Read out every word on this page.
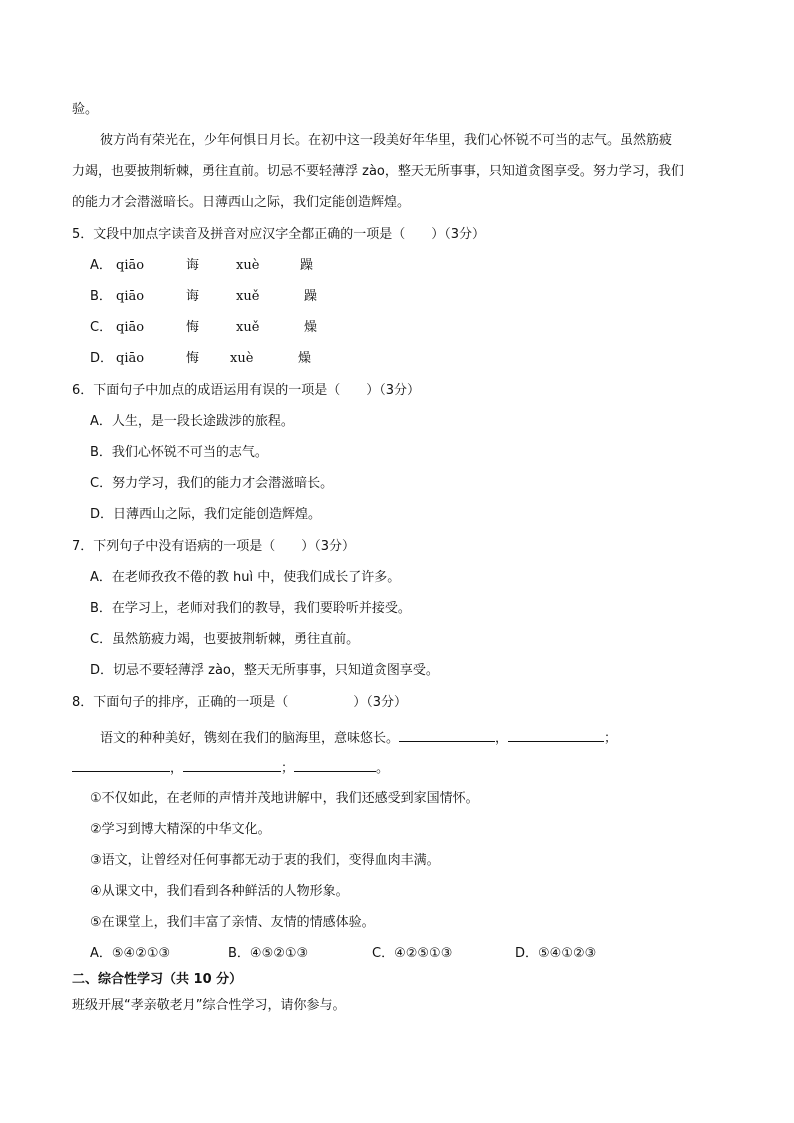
验。
彼方尚有荣光在，少年何惧日月长。在初中这一段美好年华里，我们心怀锐不可当的志气。虽然筋疲
力竭，也要披荆斩棘，勇往直前。切忌不要轻薄浮 zào，整天无所事事，只知道贪图享受。努力学习，我们
的能力才会潜滋暗长。日薄西山之际，我们定能创造辉煌。
5．文段中加点字读音及拼音对应汉字全都正确的一项是（　　）（3分）
A． qiāo	诲	xuè	躁
B． qiāo	诲	xuě	躁
C． qiāo	悔	xuě	燥
D． qiāo	悔 xuè	燥
6．下面句子中加点的成语运用有误的一项是（　　）（3分）
A．人生，是一段长途跋涉的旅程。
B．我们心怀锐不可当的志气。
C．努力学习，我们的能力才会潜滋暗长。
D．日薄西山之际，我们定能创造辉煌。
7．下列句子中没有语病的一项是（　　）（3分）
A．在老师孜孜不倦的教 huì 中，使我们成长了许多。
B．在学习上，老师对我们的教导，我们要聆听并接受。
C．虽然筋疲力竭，也要披荆斩棘，勇往直前。
D．切忌不要轻薄浮 zào，整天无所事事，只知道贪图享受。
8．下面句子的排序，正确的一项是（　　　　　）（3分）
语文的种种美好，镌刻在我们的脑海里，意味悠长。	，	；
，	；	。
①不仅如此，在老师的声情并茂地讲解中，我们还感受到家国情怀。
②学习到博大精深的中华文化。
③语文，让曾经对任何事都无动于衷的我们，变得血肉丰满。
④从课文中，我们看到各种鲜活的人物形象。
⑤在课堂上，我们丰富了亲情、友情的情感体验。
A．⑤④②①③	B．④⑤②①③	C．④②⑤①③	D．⑤④①②③
二、综合性学习（共 10 分）
班级开展“孝亲敬老月”综合性学习，请你参与。
